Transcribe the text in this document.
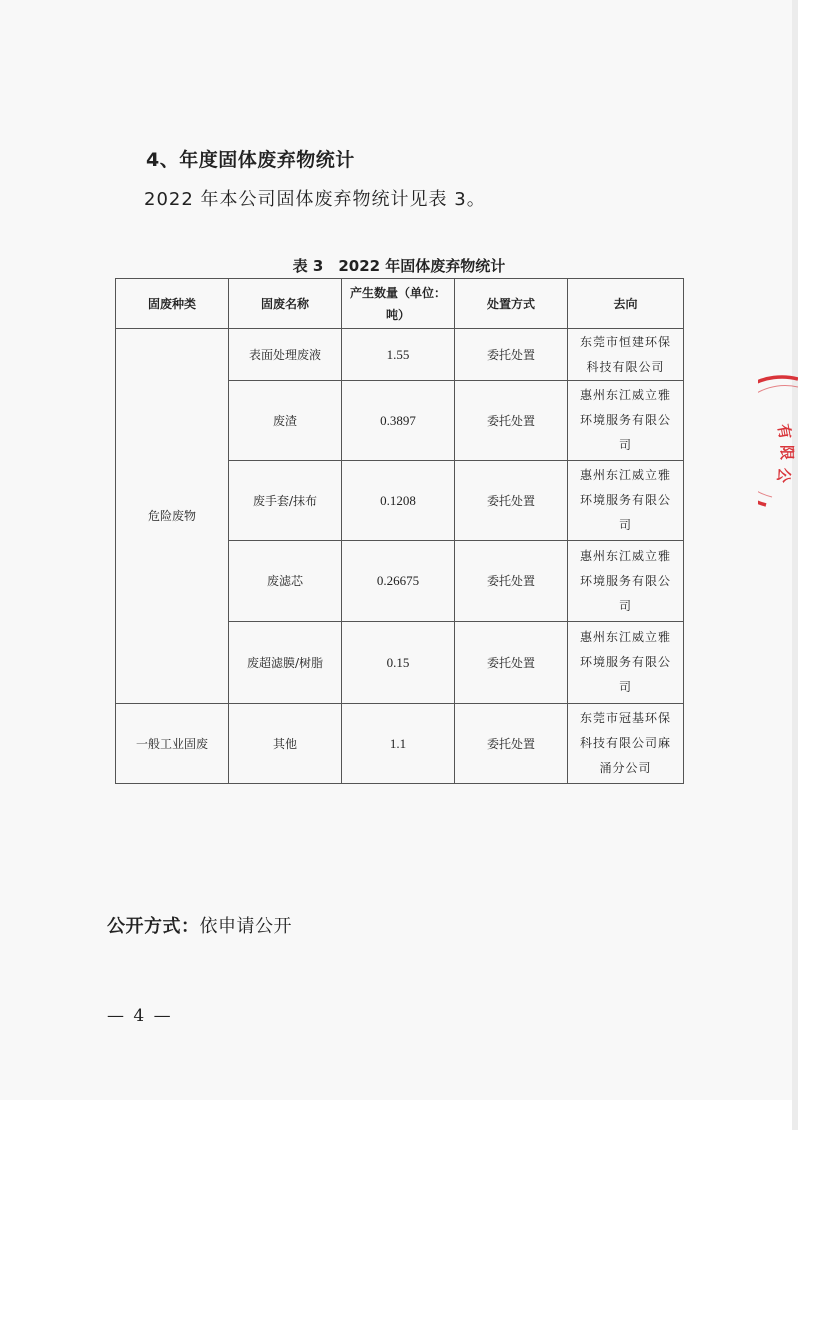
4、年度固体废弃物统计
2022 年本公司固体废弃物统计见表 3。
表 3　2022 年固体废弃物统计
固废种类	固废名称	产生数量（单位：吨）	处置方式	去向
危险废物	表面处理废液	1.55	委托处置	东莞市恒建环保科技有限公司
	废渣	0.3897	委托处置	惠州东江威立雅环境服务有限公司
	废手套/抹布	0.1208	委托处置	惠州东江威立雅环境服务有限公司
	废滤芯	0.26675	委托处置	惠州东江威立雅环境服务有限公司
	废超滤膜/树脂	0.15	委托处置	惠州东江威立雅环境服务有限公司
一般工业固废	其他	1.1	委托处置	东莞市冠基环保科技有限公司麻涌分公司
公开方式：依申请公开
— 4 —
有
限
公
